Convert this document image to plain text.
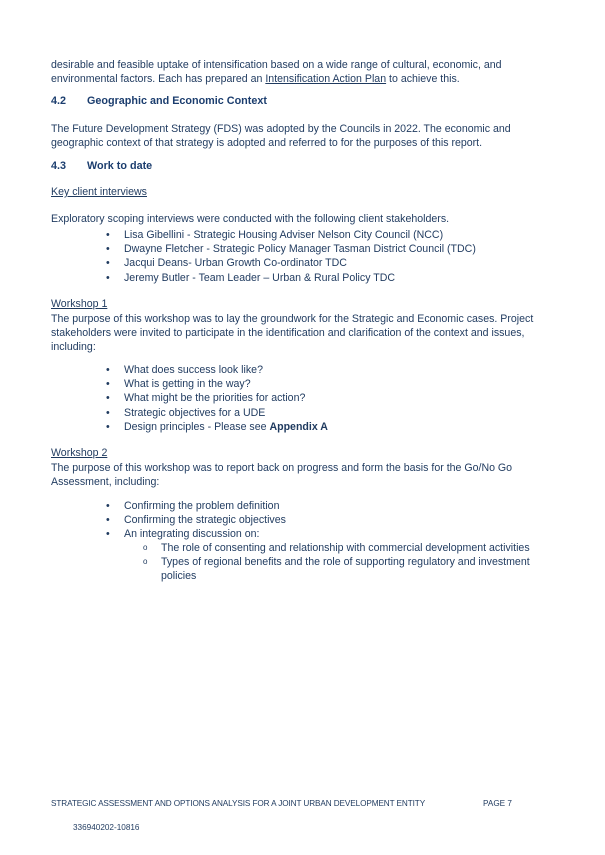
desirable and feasible uptake of intensification based on a wide range of cultural, economic, and

environmental factors. Each has prepared an Intensification Action Plan to achieve this.

4.2 Geographic and Economic Context

The Future Development Strategy (FDS) was adopted by the Councils in 2022. The economic and

geographic context of that strategy is adopted and referred to for the purposes of this report.

4.3 Work to date

Key client interviews

Exploratory scoping interviews were conducted with the following client stakeholders.

• Lisa Gibellini - Strategic Housing Adviser Nelson City Council (NCC)
• Dwayne Fletcher - Strategic Policy Manager Tasman District Council (TDC)
• Jacqui Deans- Urban Growth Co-ordinator TDC
• Jeremy Butler - Team Leader – Urban & Rural Policy TDC

Workshop 1

The purpose of this workshop was to lay the groundwork for the Strategic and Economic cases. Project

stakeholders were invited to participate in the identification and clarification of the context and issues,

including:

• What does success look like?
• What is getting in the way?
• What might be the priorities for action?
• Strategic objectives for a UDE
• Design principles - Please see Appendix A

Workshop 2

The purpose of this workshop was to report back on progress and form the basis for the Go/No Go

Assessment, including:

• Confirming the problem definition
• Confirming the strategic objectives
• An integrating discussion on:
o The role of consenting and relationship with commercial development activities
o Types of regional benefits and the role of supporting regulatory and investment
policies
STRATEGIC ASSESSMENT AND OPTIONS ANALYSIS FOR A JOINT URBAN DEVELOPMENT ENTITY	PAGE 7
336940202-10816
